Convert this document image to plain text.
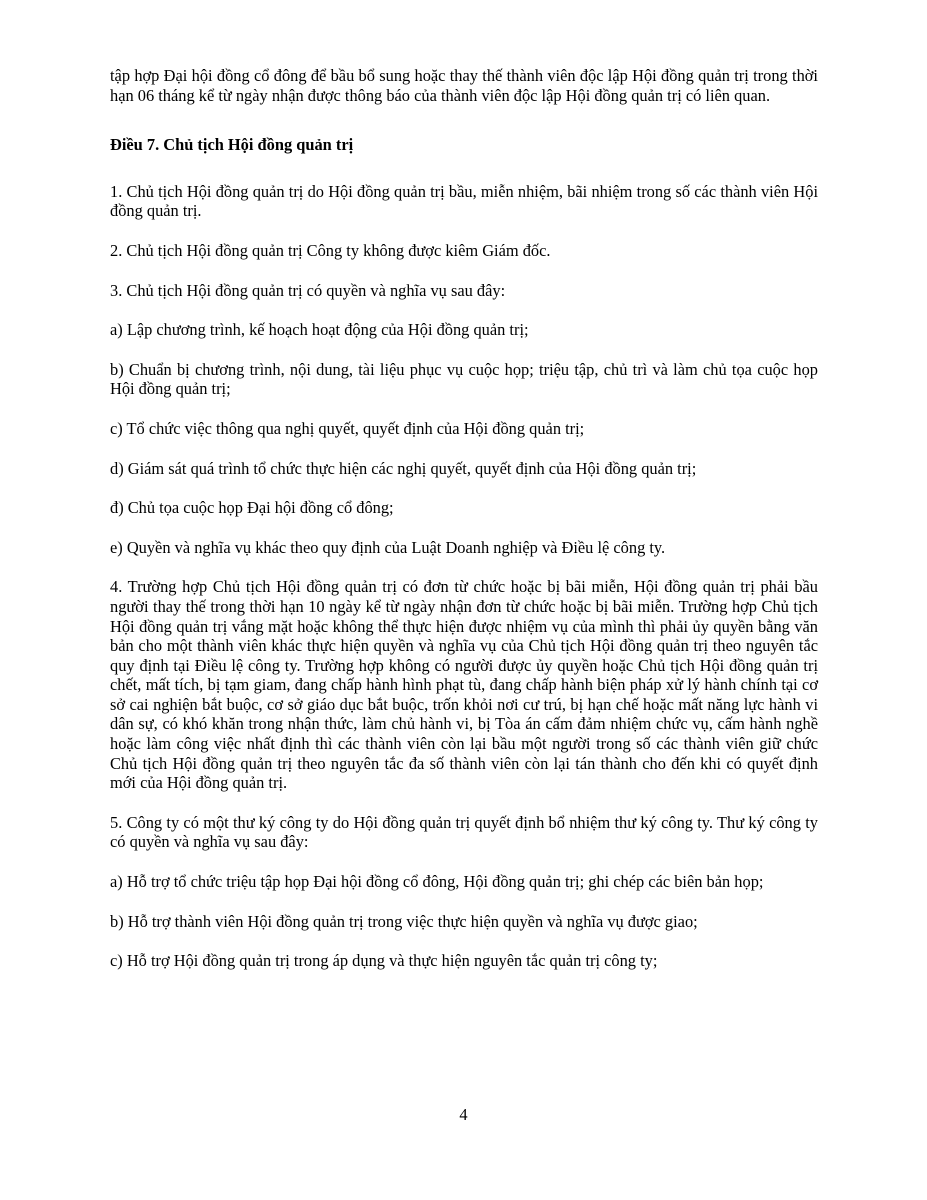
tập hợp Đại hội đồng cổ đông để bầu bổ sung hoặc thay thế thành viên độc lập Hội đồng quản trị trong thời hạn 06 tháng kể từ ngày nhận được thông báo của thành viên độc lập Hội đồng quản trị có liên quan.

Điều 7. Chủ tịch Hội đồng quản trị

1. Chủ tịch Hội đồng quản trị do Hội đồng quản trị bầu, miễn nhiệm, bãi nhiệm trong số các thành viên Hội đồng quản trị.

2. Chủ tịch Hội đồng quản trị Công ty không được kiêm Giám đốc.

3. Chủ tịch Hội đồng quản trị có quyền và nghĩa vụ sau đây:

a) Lập chương trình, kế hoạch hoạt động của Hội đồng quản trị;

b) Chuẩn bị chương trình, nội dung, tài liệu phục vụ cuộc họp; triệu tập, chủ trì và làm chủ tọa cuộc họp Hội đồng quản trị;

c) Tổ chức việc thông qua nghị quyết, quyết định của Hội đồng quản trị;

d) Giám sát quá trình tổ chức thực hiện các nghị quyết, quyết định của Hội đồng quản trị;

đ) Chủ tọa cuộc họp Đại hội đồng cổ đông;

e) Quyền và nghĩa vụ khác theo quy định của Luật Doanh nghiệp và Điều lệ công ty.

4. Trường hợp Chủ tịch Hội đồng quản trị có đơn từ chức hoặc bị bãi miễn, Hội đồng quản trị phải bầu người thay thế trong thời hạn 10 ngày kể từ ngày nhận đơn từ chức hoặc bị bãi miễn. Trường hợp Chủ tịch Hội đồng quản trị vắng mặt hoặc không thể thực hiện được nhiệm vụ của mình thì phải ủy quyền bằng văn bản cho một thành viên khác thực hiện quyền và nghĩa vụ của Chủ tịch Hội đồng quản trị theo nguyên tắc quy định tại Điều lệ công ty. Trường hợp không có người được ủy quyền hoặc Chủ tịch Hội đồng quản trị chết, mất tích, bị tạm giam, đang chấp hành hình phạt tù, đang chấp hành biện pháp xử lý hành chính tại cơ sở cai nghiện bắt buộc, cơ sở giáo dục bắt buộc, trốn khỏi nơi cư trú, bị hạn chế hoặc mất năng lực hành vi dân sự, có khó khăn trong nhận thức, làm chủ hành vi, bị Tòa án cấm đảm nhiệm chức vụ, cấm hành nghề hoặc làm công việc nhất định thì các thành viên còn lại bầu một người trong số các thành viên giữ chức Chủ tịch Hội đồng quản trị theo nguyên tắc đa số thành viên còn lại tán thành cho đến khi có quyết định mới của Hội đồng quản trị.

5. Công ty có một thư ký công ty do Hội đồng quản trị quyết định bổ nhiệm thư ký công ty. Thư ký công ty có quyền và nghĩa vụ sau đây:

a) Hỗ trợ tổ chức triệu tập họp Đại hội đồng cổ đông, Hội đồng quản trị; ghi chép các biên bản họp;

b) Hỗ trợ thành viên Hội đồng quản trị trong việc thực hiện quyền và nghĩa vụ được giao;

c) Hỗ trợ Hội đồng quản trị trong áp dụng và thực hiện nguyên tắc quản trị công ty;

4
